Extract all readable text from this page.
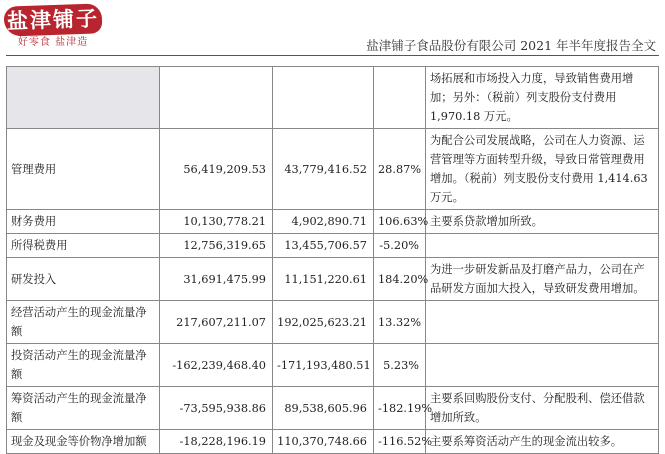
盐津铺子
好零食 盐津造	盐津铺子食品股份有限公司 2021 年半年度报告全文
				场拓展和市场投入力度，导致销售费用增加；另外：（税前）列支股份支付费用 1,970.18 万元。
管理费用	56,419,209.53	43,779,416.52	28.87%	为配合公司发展战略，公司在人力资源、运营管理等方面转型升级，导致日常管理费用增加。（税前）列支股份支付费用 1,414.63 万元。
财务费用	10,130,778.21	4,902,890.71	106.63%	主要系贷款增加所致。
所得税费用	12,756,319.65	13,455,706.57	-5.20%	
研发投入	31,691,475.99	11,151,220.61	184.20%	为进一步研发新品及打磨产品力，公司在产品研发方面加大投入，导致研发费用增加。
经营活动产生的现金流量净额	217,607,211.07	192,025,623.21	13.32%	
投资活动产生的现金流量净额	-162,239,468.40	-171,193,480.51	5.23%	
筹资活动产生的现金流量净额	-73,595,938.86	89,538,605.96	-182.19%	主要系回购股份支付、分配股利、偿还借款增加所致。
现金及现金等价物净增加额	-18,228,196.19	110,370,748.66	-116.52%	主要系筹资活动产生的现金流出较多。
